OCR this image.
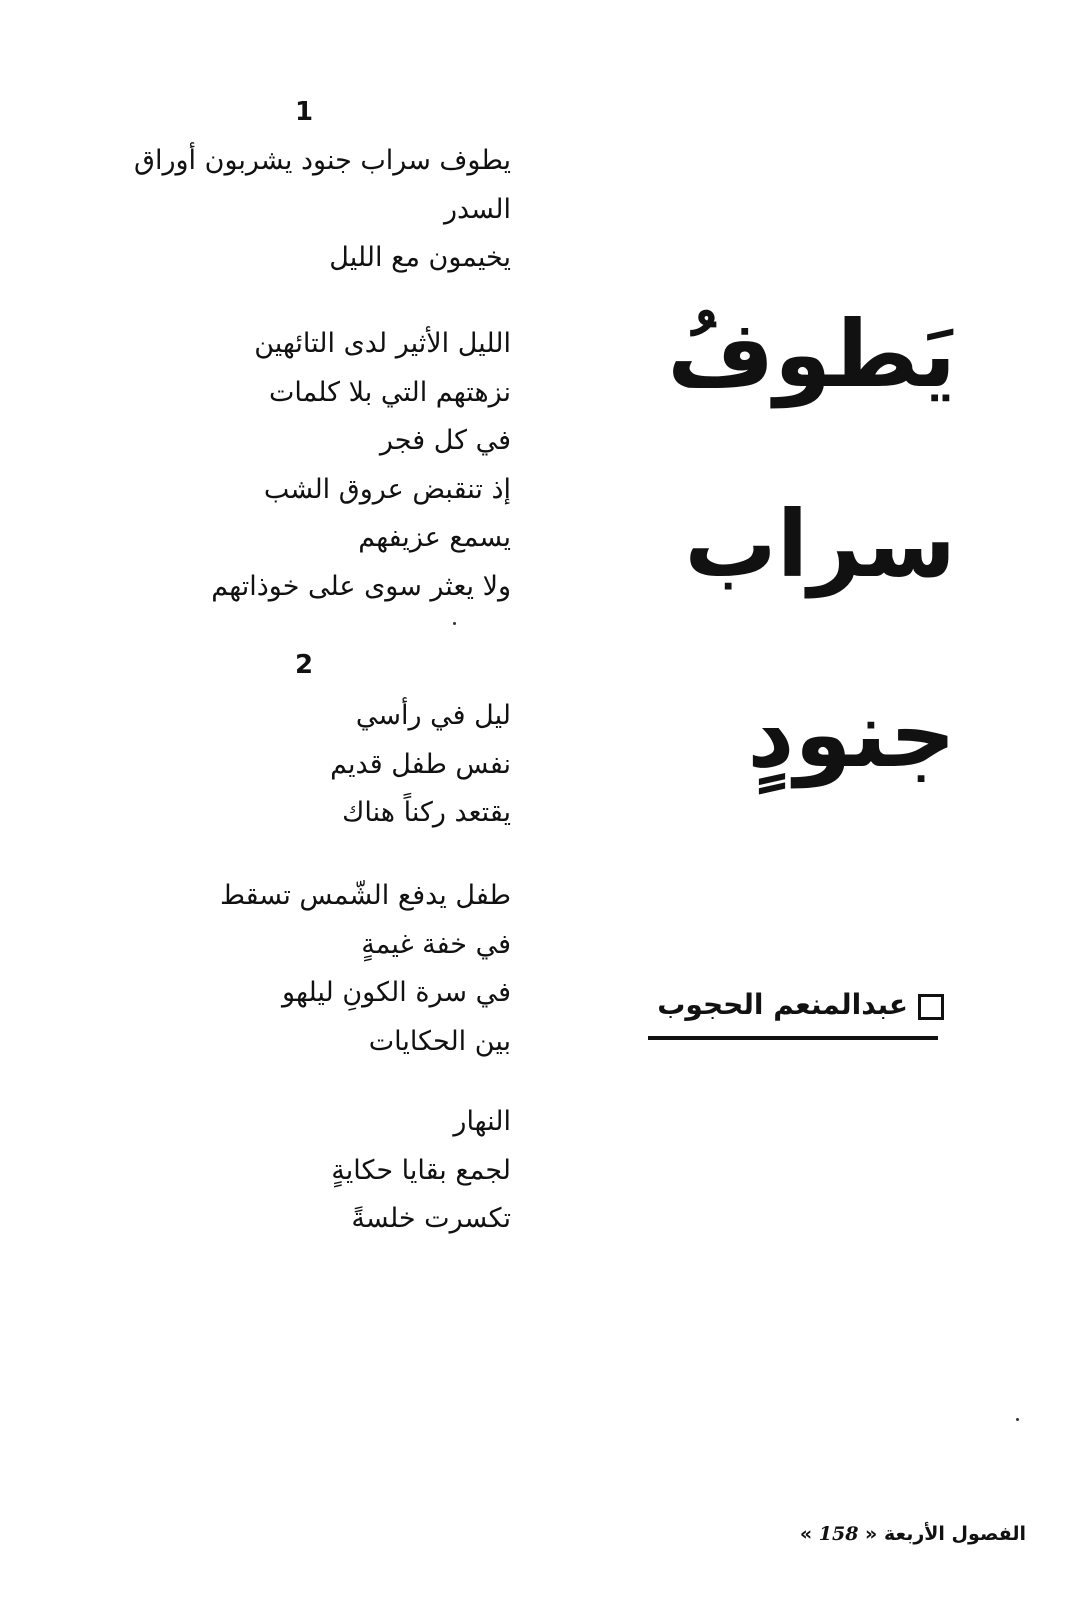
يَطوفُ
سراب
جنودٍ
عبدالمنعم الحجوب
1
يطوف سراب جنود يشربون أوراق
السدر
يخيمون مع الليل
الليل الأثير لدى التائهين
نزهتهم التي بلا كلمات
في كل فجر
إذ تنقبض عروق الشب
يسمع عزيفهم
ولا يعثر سوى على خوذاتهم
2
ليل في رأسي
نفس طفل قديم
يقتعد ركناً هناك
طفل يدفع الشّمس تسقط
في خفة غيمةٍ
في سرة الكونِ ليلهو
بين الحكايات
النهار
لجمع بقايا حكايةٍ
تكسرت خلسةً
الفصول الأربعة « 158 »
